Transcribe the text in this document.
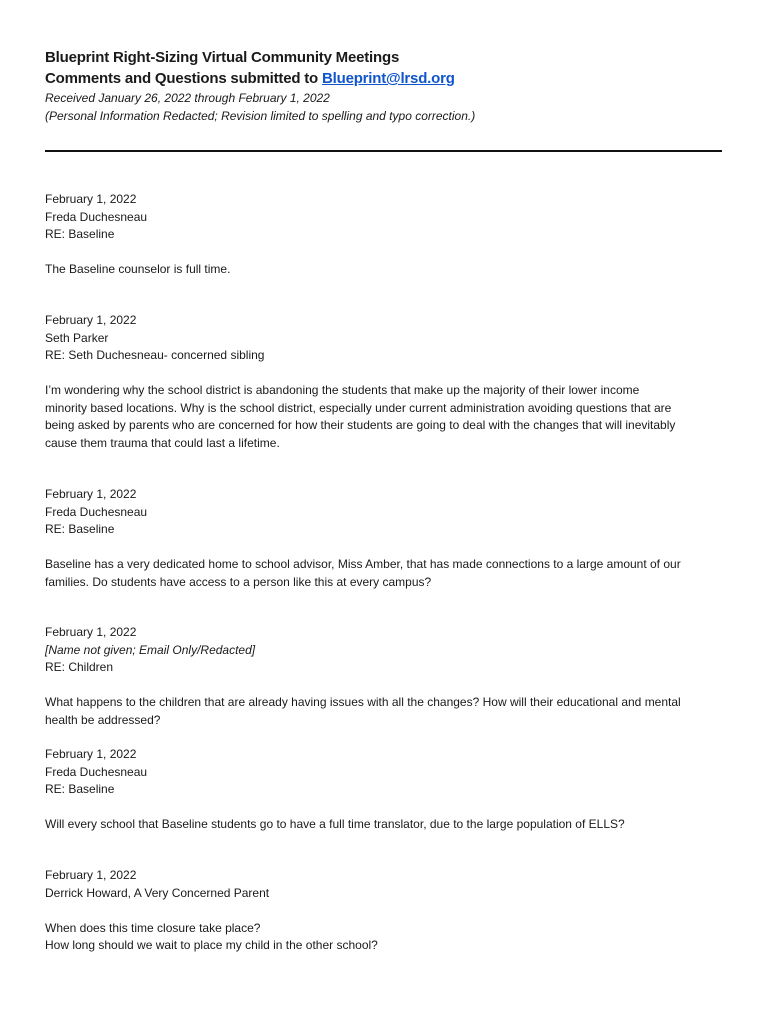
Blueprint Right-Sizing Virtual Community Meetings

Comments and Questions submitted to Blueprint@lrsd.org

Received January 26, 2022 through February 1, 2022

(Personal Information Redacted; Revision limited to spelling and typo correction.)

February 1, 2022

Freda Duchesneau

RE: Baseline

The Baseline counselor is full time.

February 1, 2022

Seth Parker

RE: Seth Duchesneau- concerned sibling

I’m wondering why the school district is abandoning the students that make up the majority of their lower income
minority based locations. Why is the school district, especially under current administration avoiding questions that are
being asked by parents who are concerned for how their students are going to deal with the changes that will inevitably
cause them trauma that could last a lifetime.

February 1, 2022

Freda Duchesneau

RE: Baseline

Baseline has a very dedicated home to school advisor, Miss Amber, that has made connections to a large amount of our
families. Do students have access to a person like this at every campus?

February 1, 2022

[Name not given; Email Only/Redacted]

RE: Children

What happens to the children that are already having issues with all the changes? How will their educational and mental
health be addressed?

February 1, 2022

Freda Duchesneau

RE: Baseline

Will every school that Baseline students go to have a full time translator, due to the large population of ELLS?

February 1, 2022

Derrick Howard, A Very Concerned Parent

When does this time closure take place?
How long should we wait to place my child in the other school?
